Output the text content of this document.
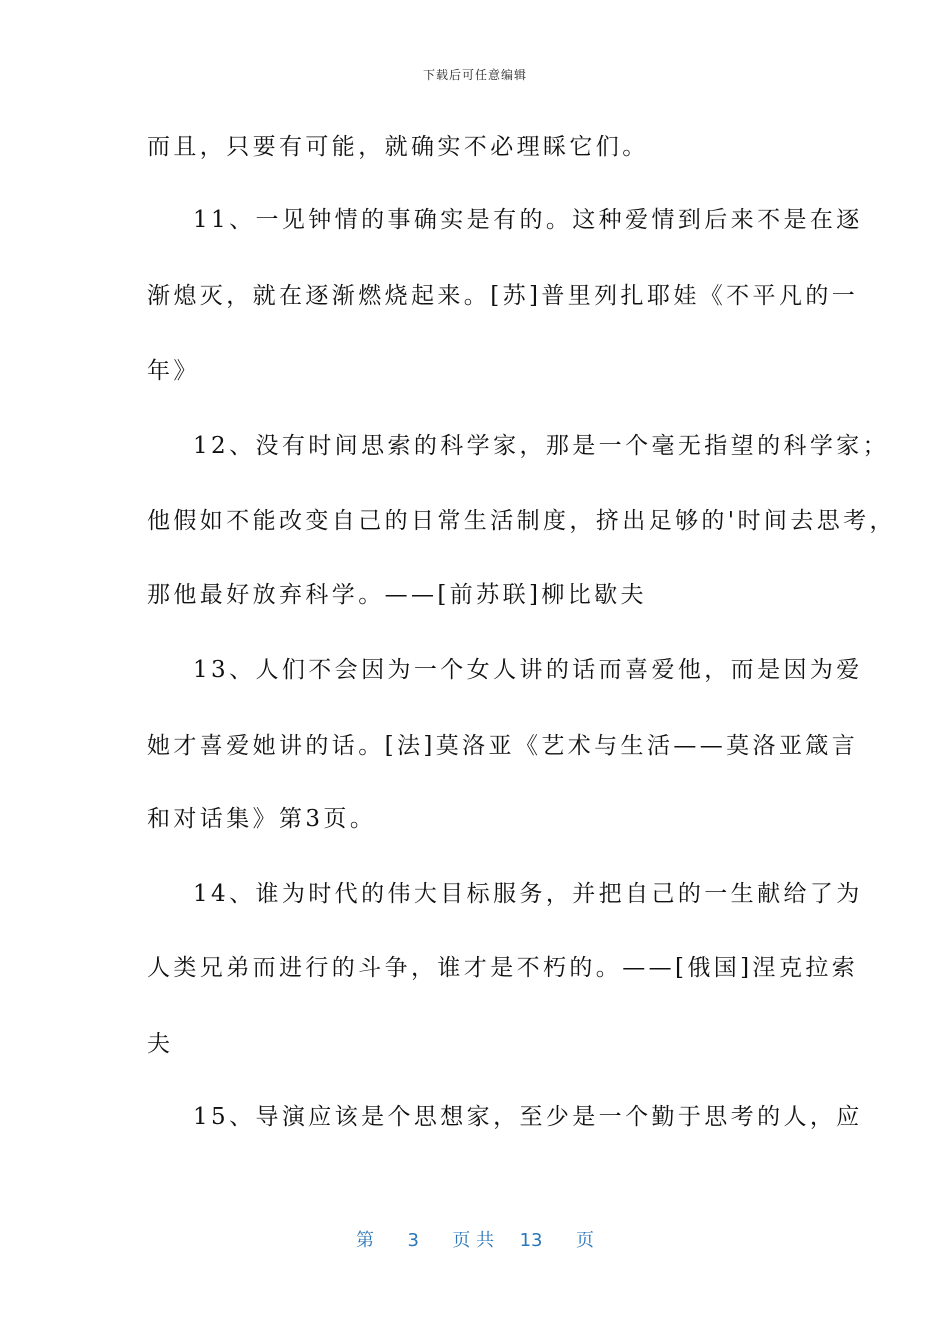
下载后可任意编辑
而且，只要有可能，就确实不必理睬它们。
11、一见钟情的事确实是有的。这种爱情到后来不是在逐
渐熄灭，就在逐渐燃烧起来。[苏]普里列扎耶娃《不平凡的一
年》
12、没有时间思索的科学家，那是一个毫无指望的科学家；
他假如不能改变自己的日常生活制度，挤出足够的'时间去思考，
那他最好放弃科学。——[前苏联]柳比歇夫
13、人们不会因为一个女人讲的话而喜爱他，而是因为爱
她才喜爱她讲的话。[法]莫洛亚《艺术与生活——莫洛亚箴言
和对话集》第3页。
14、谁为时代的伟大目标服务，并把自己的一生献给了为
人类兄弟而进行的斗争，谁才是不朽的。——[俄国]涅克拉索
夫
15、导演应该是个思想家，至少是一个勤于思考的人，应
第 3 页 共 13 页
